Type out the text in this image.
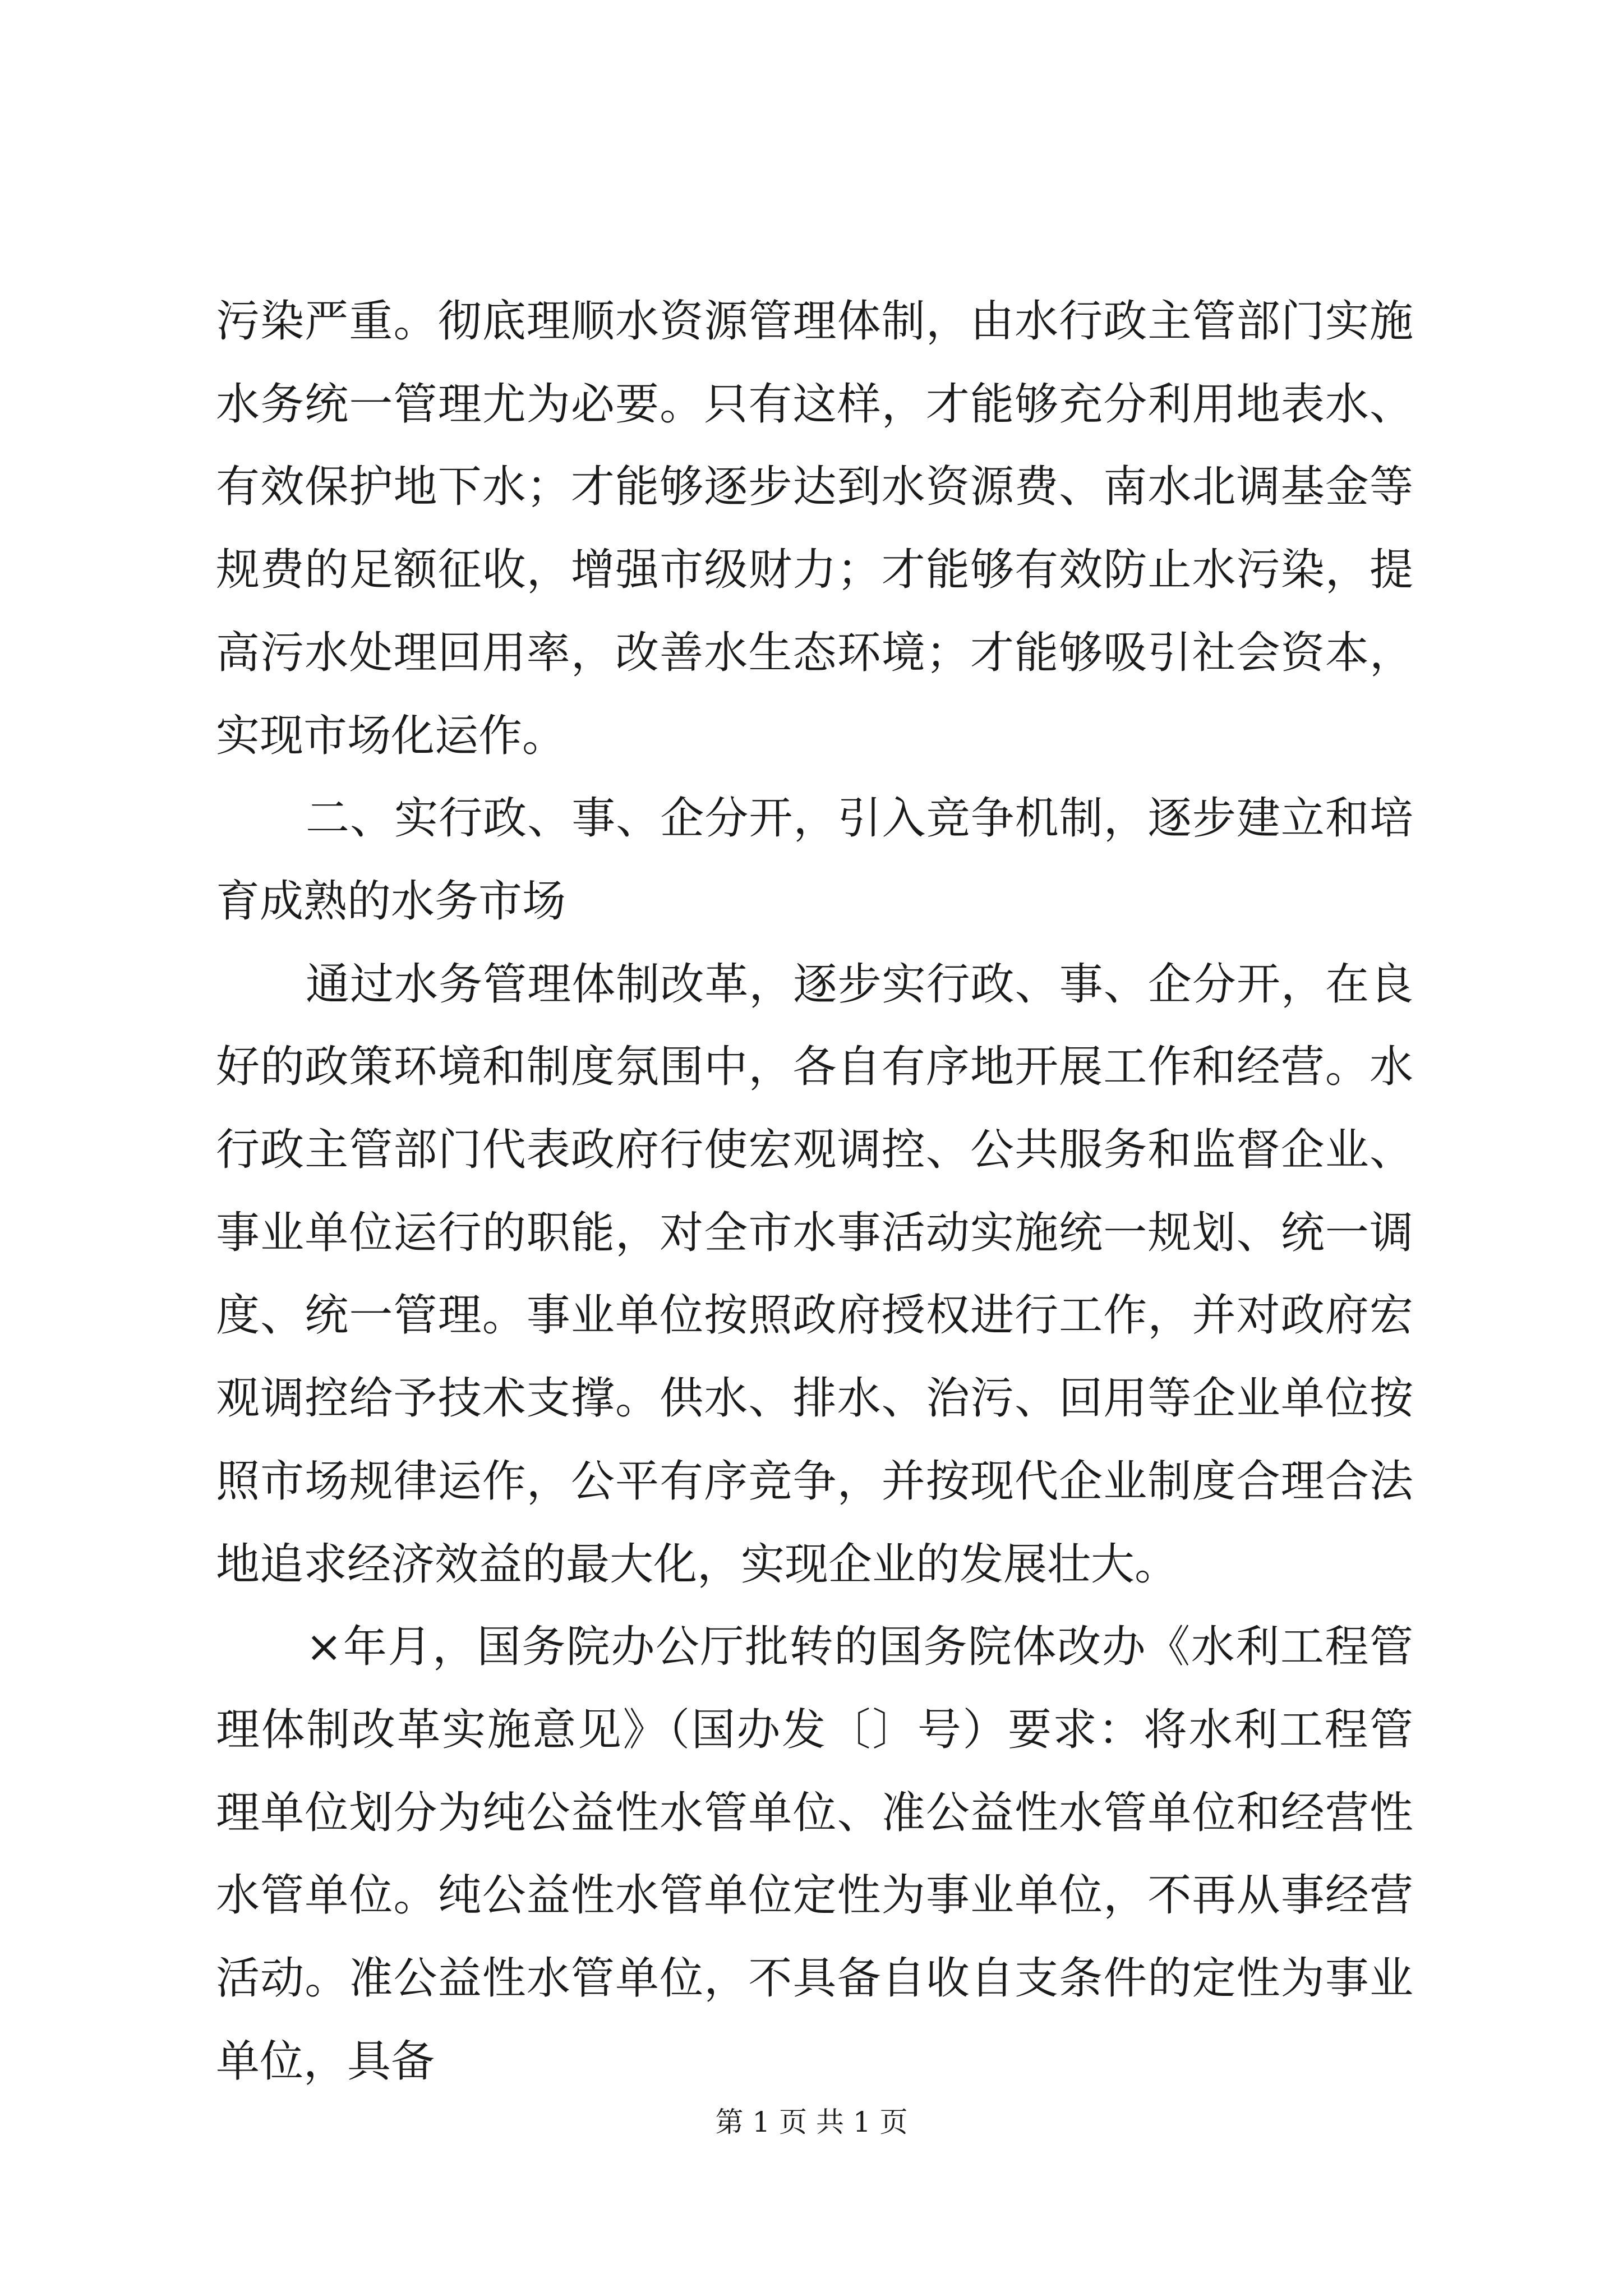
污染严重。彻底理顺水资源管理体制，由水行政主管部门实施水务统一管理尤为必要。只有这样，才能够充分利用地表水、有效保护地下水；才能够逐步达到水资源费、南水北调基金等规费的足额征收，增强市级财力；才能够有效防止水污染，提高污水处理回用率，改善水生态环境；才能够吸引社会资本，实现市场化运作。

二、实行政、事、企分开，引入竞争机制，逐步建立和培育成熟的水务市场

通过水务管理体制改革，逐步实行政、事、企分开，在良好的政策环境和制度氛围中，各自有序地开展工作和经营。水行政主管部门代表政府行使宏观调控、公共服务和监督企业、事业单位运行的职能，对全市水事活动实施统一规划、统一调度、统一管理。事业单位按照政府授权进行工作，并对政府宏观调控给予技术支撑。供水、排水、治污、回用等企业单位按照市场规律运作，公平有序竞争，并按现代企业制度合理合法地追求经济效益的最大化，实现企业的发展壮大。

×年月，国务院办公厅批转的国务院体改办《水利工程管理体制改革实施意见》（国办发〔〕号）要求：将水利工程管理单位划分为纯公益性水管单位、准公益性水管单位和经营性水管单位。纯公益性水管单位定性为事业单位，不再从事经营活动。准公益性水管单位，不具备自收自支条件的定性为事业单位，具备

第 1 页 共 1 页
